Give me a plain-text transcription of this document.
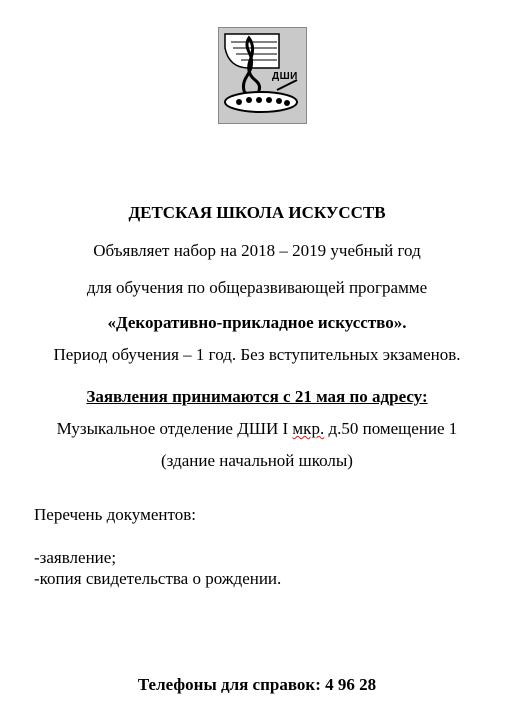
ДШИ
ДЕТСКАЯ ШКОЛА ИСКУССТВ
Объявляет набор на 2018 – 2019 учебный год
для обучения по общеразвивающей программе
«Декоративно-прикладное искусство».
Период обучения – 1 год. Без вступительных экзаменов.
Заявления принимаются с 21 мая по адресу:
Музыкальное отделение ДШИ I мкр. д.50 помещение 1
(здание начальной школы)
Перечень документов:
-заявление;
-копия свидетельства о рождении.
Телефоны для справок: 4 96 28
